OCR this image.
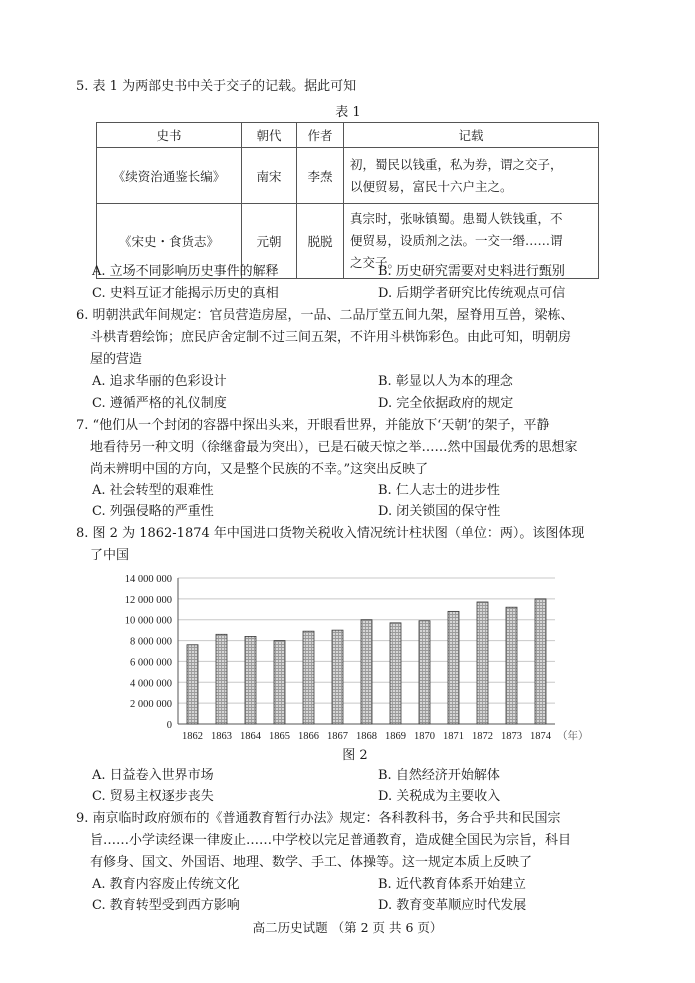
5. 表 1 为两部史书中关于交子的记载。据此可知
表 1
史书	朝代	作者	记载
《续资治通鉴长编》	南宋	李焘	初，蜀民以钱重，私为券，谓之交子，
以便贸易，富民十六户主之。

《宋史・食货志》	元朝	脱脱	真宗时，张咏镇蜀。患蜀人铁钱重，不
便贸易，设质剂之法。一交一缗……谓
之交子。
A. 立场不同影响历史事件的解释	B. 历史研究需要对史料进行甄别
C. 史料互证才能揭示历史的真相	D. 后期学者研究比传统观点可信
6. 明朝洪武年间规定：官员营造房屋，一品、二品厅堂五间九架，屋脊用互兽，梁栋、
斗栱青碧绘饰；庶民庐舍定制不过三间五架，不许用斗栱饰彩色。由此可知，明朝房
屋的营造
A. 追求华丽的色彩设计	B. 彰显以人为本的理念
C. 遵循严格的礼仪制度	D. 完全依据政府的规定
7. “他们从一个封闭的容器中探出头来，开眼看世界，并能放下‘天朝’的架子，平静
地看待另一种文明（徐继畲最为突出），已是石破天惊之举……然中国最优秀的思想家
尚未辨明中国的方向，又是整个民族的不幸。”这突出反映了
A. 社会转型的艰难性	B. 仁人志士的进步性
C. 列强侵略的严重性	D. 闭关锁国的保守性
8. 图 2 为 1862-1874 年中国进口货物关税收入情况统计柱状图（单位：两）。该图体现
了中国
0
2 000 000
4 000 000
6 000 000
8 000 000
10 000 000
12 000 000
14 000 000
1862 1863 1864 1865 1866 1867 1868 1869 1870 1871 1872 1873 1874 （年）
图 2
A. 日益卷入世界市场	B. 自然经济开始解体
C. 贸易主权逐步丧失	D. 关税成为主要收入
9. 南京临时政府颁布的《普通教育暂行办法》规定：各科教科书，务合乎共和民国宗
旨……小学读经课一律废止……中学校以完足普通教育，造成健全国民为宗旨，科目
有修身、国文、外国语、地理、数学、手工、体操等。这一规定本质上反映了
A. 教育内容废止传统文化	B. 近代教育体系开始建立
C. 教育转型受到西方影响	D. 教育变革顺应时代发展
高二历史试题 （第 2 页 共 6 页）
